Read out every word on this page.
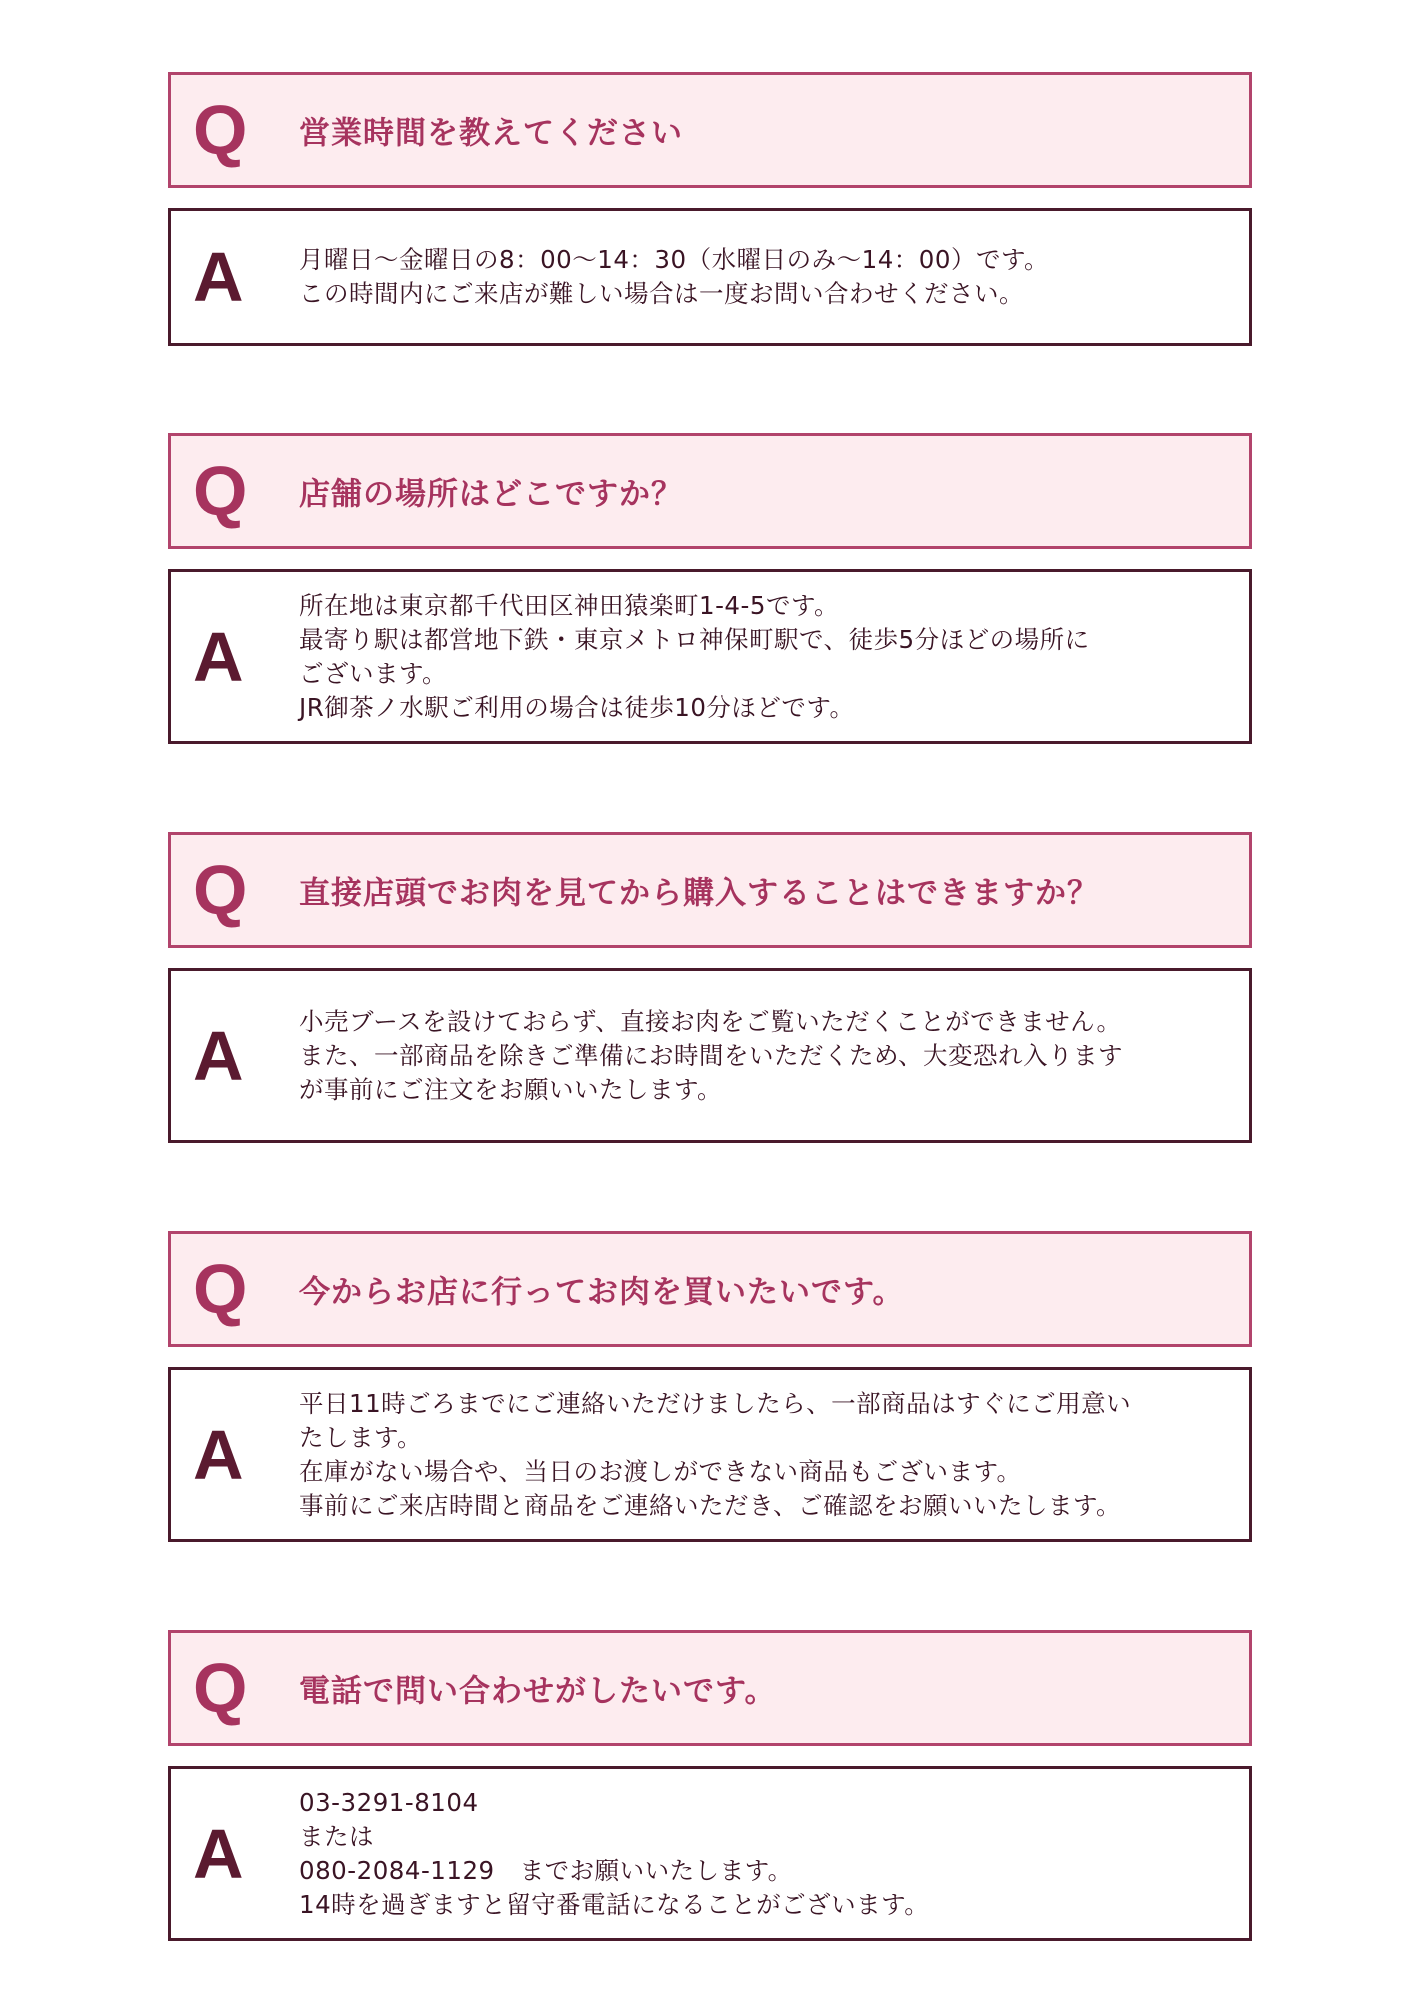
Q 営業時間を教えてください
A 月曜日～金曜日の8：00～14：30（水曜日のみ～14：00）です。
この時間内にご来店が難しい場合は一度お問い合わせください。
Q 店舗の場所はどこですか？
A
所在地は東京都千代田区神田猿楽町1-4-5です。
最寄り駅は都営地下鉄・東京メトロ神保町駅で、徒歩5分ほどの場所に
ございます。
JR御茶ノ水駅ご利用の場合は徒歩10分ほどです。
Q 直接店頭でお肉を見てから購入することはできますか？
A 小売ブースを設けておらず、直接お肉をご覧いただくことができません。
また、一部商品を除きご準備にお時間をいただくため、大変恐れ入ります
が事前にご注文をお願いいたします。
Q 今からお店に行ってお肉を買いたいです。
A
平日11時ごろまでにご連絡いただけましたら、一部商品はすぐにご用意い
たします。
在庫がない場合や、当日のお渡しができない商品もございます。
事前にご来店時間と商品をご連絡いただき、ご確認をお願いいたします。
Q 電話で問い合わせがしたいです。
A
03-3291-8104
または
080-2084-1129　までお願いいたします。
14時を過ぎますと留守番電話になることがございます。
